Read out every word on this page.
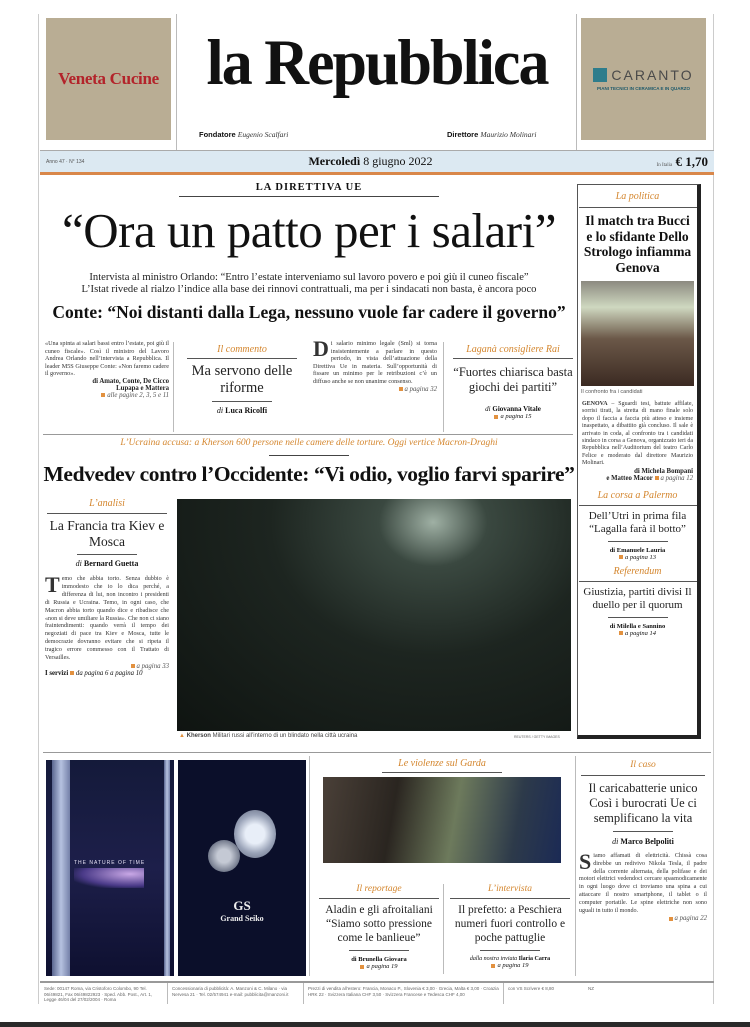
Veneta Cucine la Repubblica
Fondatore Eugenio Scalfari	Direttore Maurizio Molinari
CARANTO
PIANI TECNICI IN CERAMICA E IN QUARZO
Anno 47 · N° 134	Mercoledì 8 giugno 2022	In Italia € 1,70
LA DIRETTIVA UE
“Ora un patto per i salari”
Intervista al ministro Orlando: “Entro l’estate interveniamo sul lavoro povero e poi giù il cuneo fiscale”
L’Istat rivede al rialzo l’indice alla base dei rinnovi contrattuali, ma per i sindacati non basta, è ancora poco
Conte: “Noi distanti dalla Lega, nessuno vuole far cadere il governo”

«Una spinta ai salari bassi entro l’estate, poi giù il cuneo fiscale». Così il ministro del Lavoro Andrea Orlando nell’intervista a Repubblica. Il leader M5S Giuseppe Conte: «Non faremo cadere il governo».

di Amato, Conte, De Cicco

Lupapa e Mattera

alle pagine 2, 3, 5 e 11

Il commento
Ma servono delle riforme
di Luca Ricolfi

Di salario minimo legale (Sml) si torna insistentemente a parlare in questo periodo, in vista dell’attuazione della Direttiva Ue in materia. Sull’opportunità di fissare un minimo per le retribuzioni c’è un diffuso anche se non unanime consenso.

a pagina 32

Laganà consigliere Rai
“Fuortes chiarisca basta giochi dei partiti”
di Giovanna Vitale
a pagina 15
La politica
Il match tra Bucci e lo sfidante Dello Strologo infiamma Genova
Il confronto fra i candidati

GENOVA – Sguardi tesi, battute affilate, sorrisi tirati, la stretta di mano finale solo dopo il faccia a faccia più atteso e insieme inaspettato, a dibattito già concluso. Il sale è arrivato in coda, al confronto tra i candidati sindaco in corsa a Genova, organizzato ieri da Repubblica nell’Auditorium del teatro Carlo Felice e moderato dal direttore Maurizio Molinari.

di Michela Bompani

e Matteo Macor a pagina 12

La corsa a Palermo
Dell’Utri in prima fila “Lagalla farà il botto”
di Emanuele Lauria
a pagina 13
Referendum
Giustizia, partiti divisi Il duello per il quorum
di Milella e Sannino
a pagina 14
L’Ucraina accusa: a Kherson 600 persone nelle camere delle torture. Oggi vertice Macron-Draghi
Medvedev contro l’Occidente: “Vi odio, voglio farvi sparire”
L’analisi
La Francia tra Kiev e Mosca
di Bernard Guetta

Temo che abbia torto. Senza dubbio è immodesto che io lo dica perché, a differenza di lui, non incontro i presidenti di Russia e Ucraina. Temo, in ogni caso, che Macron abbia torto quando dice e ribadisce che «non si deve umiliare la Russia». Che non ci siano fraintendimenti: quando verrà il tempo dei negoziati di pace tra Kiev e Mosca, tutte le democrazie dovranno evitare che si ripeta il tragico errore commesso con il Trattato di Versailles.

a pagina 33

I servizi da pagina 6 a pagina 10

▲ Kherson Militari russi all’interno di un blindato nella città ucraina	REUTERS / GETTY IMAGES
THE NATURE OF TIME
GS
Grand Seiko
Le violenze sul Garda
Il reportage
Aladin e gli afroitaliani “Siamo sotto pressione come le banlieue”
di Brunella Giovara
a pagina 19
L’intervista
Il prefetto: a Peschiera numeri fuori controllo e poche pattuglie
dalla nostra inviata Ilaria Carra
a pagina 19
Il caso
Il caricabatterie unico Così i burocrati Ue ci semplificano la vita
di Marco Belpoliti

Siamo affamati di elettricità. Chissà cosa direbbe un redivivo Nikola Tesla, il padre della corrente alternata, della polifase e dei motori elettrici vedendoci cercare spasmodicamente in ogni luogo dove ci troviamo una spina a cui attaccare il nostro smartphone, il tablet o il computer portatile. Le spine elettriche non sono uguali in tutto il mondo.

a pagina 22

Sede: 00147 Roma, via Cristoforo Colombo, 90 Tel. 06/49821, Fax 06/49822923 · Sped. Abb. Post., Art. 1, Legge 46/04 del 27/02/2004 · Roma
Concessionaria di pubblicità: A. Manzoni & C. Milano · via Nervesa 21 · Tel. 02/574941 e-mail: pubblicita@manzoni.it
Prezzi di vendita all’estero: Francia, Monaco P., Slovenia € 3,00 · Grecia, Malta € 3,00 · Croazia HRK 22 · Svizzera Italiana CHF 3,50 · Svizzera Francese e Tedesca CHF 4,00
con VS Scrivere € 8,80	NZ
